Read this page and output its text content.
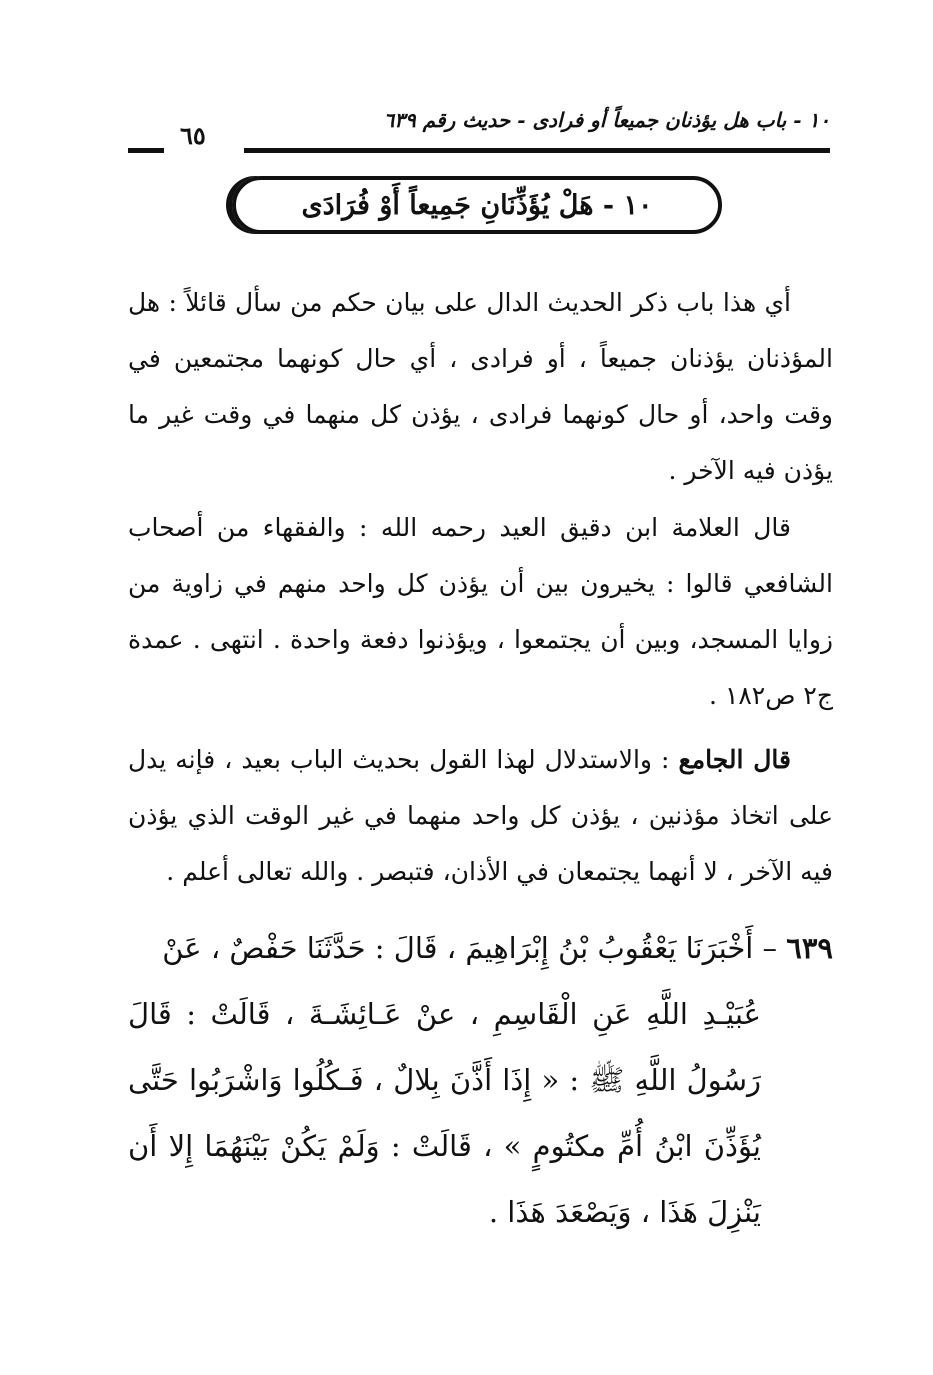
٦٥
١٠ - باب هل يؤذنان جميعاً أو فرادى - حديث رقم ٦٣٩
١٠ - هَلْ يُؤَذِّنَانِ جَمِيعاً أَوْ فُرَادَى

أي هذا باب ذكر الحديث الدال على بيان حكم من سأل قائلاً : هل المؤذنان يؤذنان جميعاً ، أو فرادى ، أي حال كونهما مجتمعين في وقت واحد، أو حال كونهما فرادى ، يؤذن كل منهما في وقت غير ما يؤذن فيه الآخر .

قال العلامة ابن دقيق العيد رحمه الله : والفقهاء من أصحاب الشافعي قالوا : يخيرون بين أن يؤذن كل واحد منهم في زاوية من زوايا المسجد، وبين أن يجتمعوا ، ويؤذنوا دفعة واحدة . انتهى . عمدة ج٢ ص١٨٢ .

قال الجامع : والاستدلال لهذا القول بحديث الباب بعيد ، فإنه يدل على اتخاذ مؤذنين ، يؤذن كل واحد منهما في غير الوقت الذي يؤذن فيه الآخر ، لا أنهما يجتمعان في الأذان، فتبصر . والله تعالى أعلم .

٦٣٩ – أَخْبَرَنَا يَعْقُوبُ بْنُ إِبْرَاهِيمَ ، قَالَ : حَدَّثَنَا حَفْصٌ ، عَنْ
عُبَيْـدِ اللَّهِ عَنِ الْقَاسِمِ ، عنْ عَـائِشَـةَ ، قَالَتْ : قَالَ رَسُولُ اللَّهِ ﷺ : « إِذَا أَذَّنَ بِلالٌ ، فَـكُلُوا وَاشْرَبُوا حَتَّى يُؤَذِّنَ ابْنُ أُمِّ مكتُومٍ » ، قَالَتْ : وَلَمْ يَكُنْ بَيْنَهُمَا إِلا أَن يَنْزِلَ هَذَا ، وَيَصْعَدَ هَذَا .
